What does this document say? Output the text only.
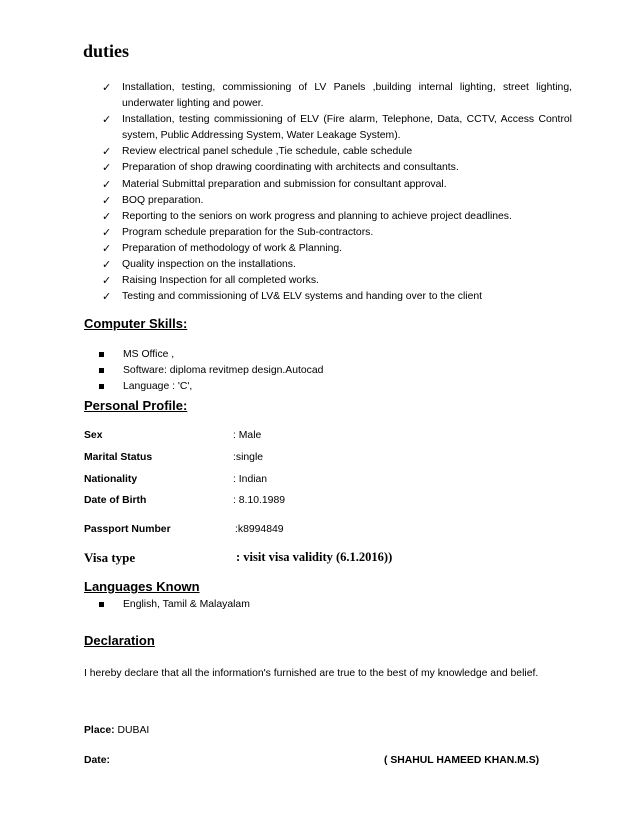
duties
✓ Installation, testing, commissioning of LV Panels ,building internal lighting, street lighting, underwater lighting and power.
✓ Installation, testing commissioning of ELV (Fire alarm, Telephone, Data, CCTV, Access Control system, Public Addressing System, Water Leakage System).
✓ Review electrical panel schedule ,Tie schedule, cable schedule
✓ Preparation of shop drawing coordinating with architects and consultants.
✓ Material Submittal preparation and submission for consultant approval.
✓ BOQ preparation.
✓ Reporting to the seniors on work progress and planning to achieve project deadlines.
✓ Program schedule preparation for the Sub-contractors.
✓ Preparation of methodology of work & Planning.
✓ Quality inspection on the installations.
✓ Raising Inspection for all completed works.
✓ Testing and commissioning of LV& ELV systems and handing over to the client
Computer Skills:
MS Office ,
Software: diploma revitmep design.Autocad
Language : 'C',
Personal Profile:
Sex	: Male
Marital Status	:single
Nationality	: Indian
Date of Birth	: 8.10.1989
Passport Number	:k8994849
Visa type	: visit visa validity (6.1.2016))
Languages Known
English, Tamil & Malayalam
Declaration
I hereby declare that all the information's furnished are true to the best of my knowledge and belief.
Place: DUBAI
Date:	( SHAHUL HAMEED KHAN.M.S)
